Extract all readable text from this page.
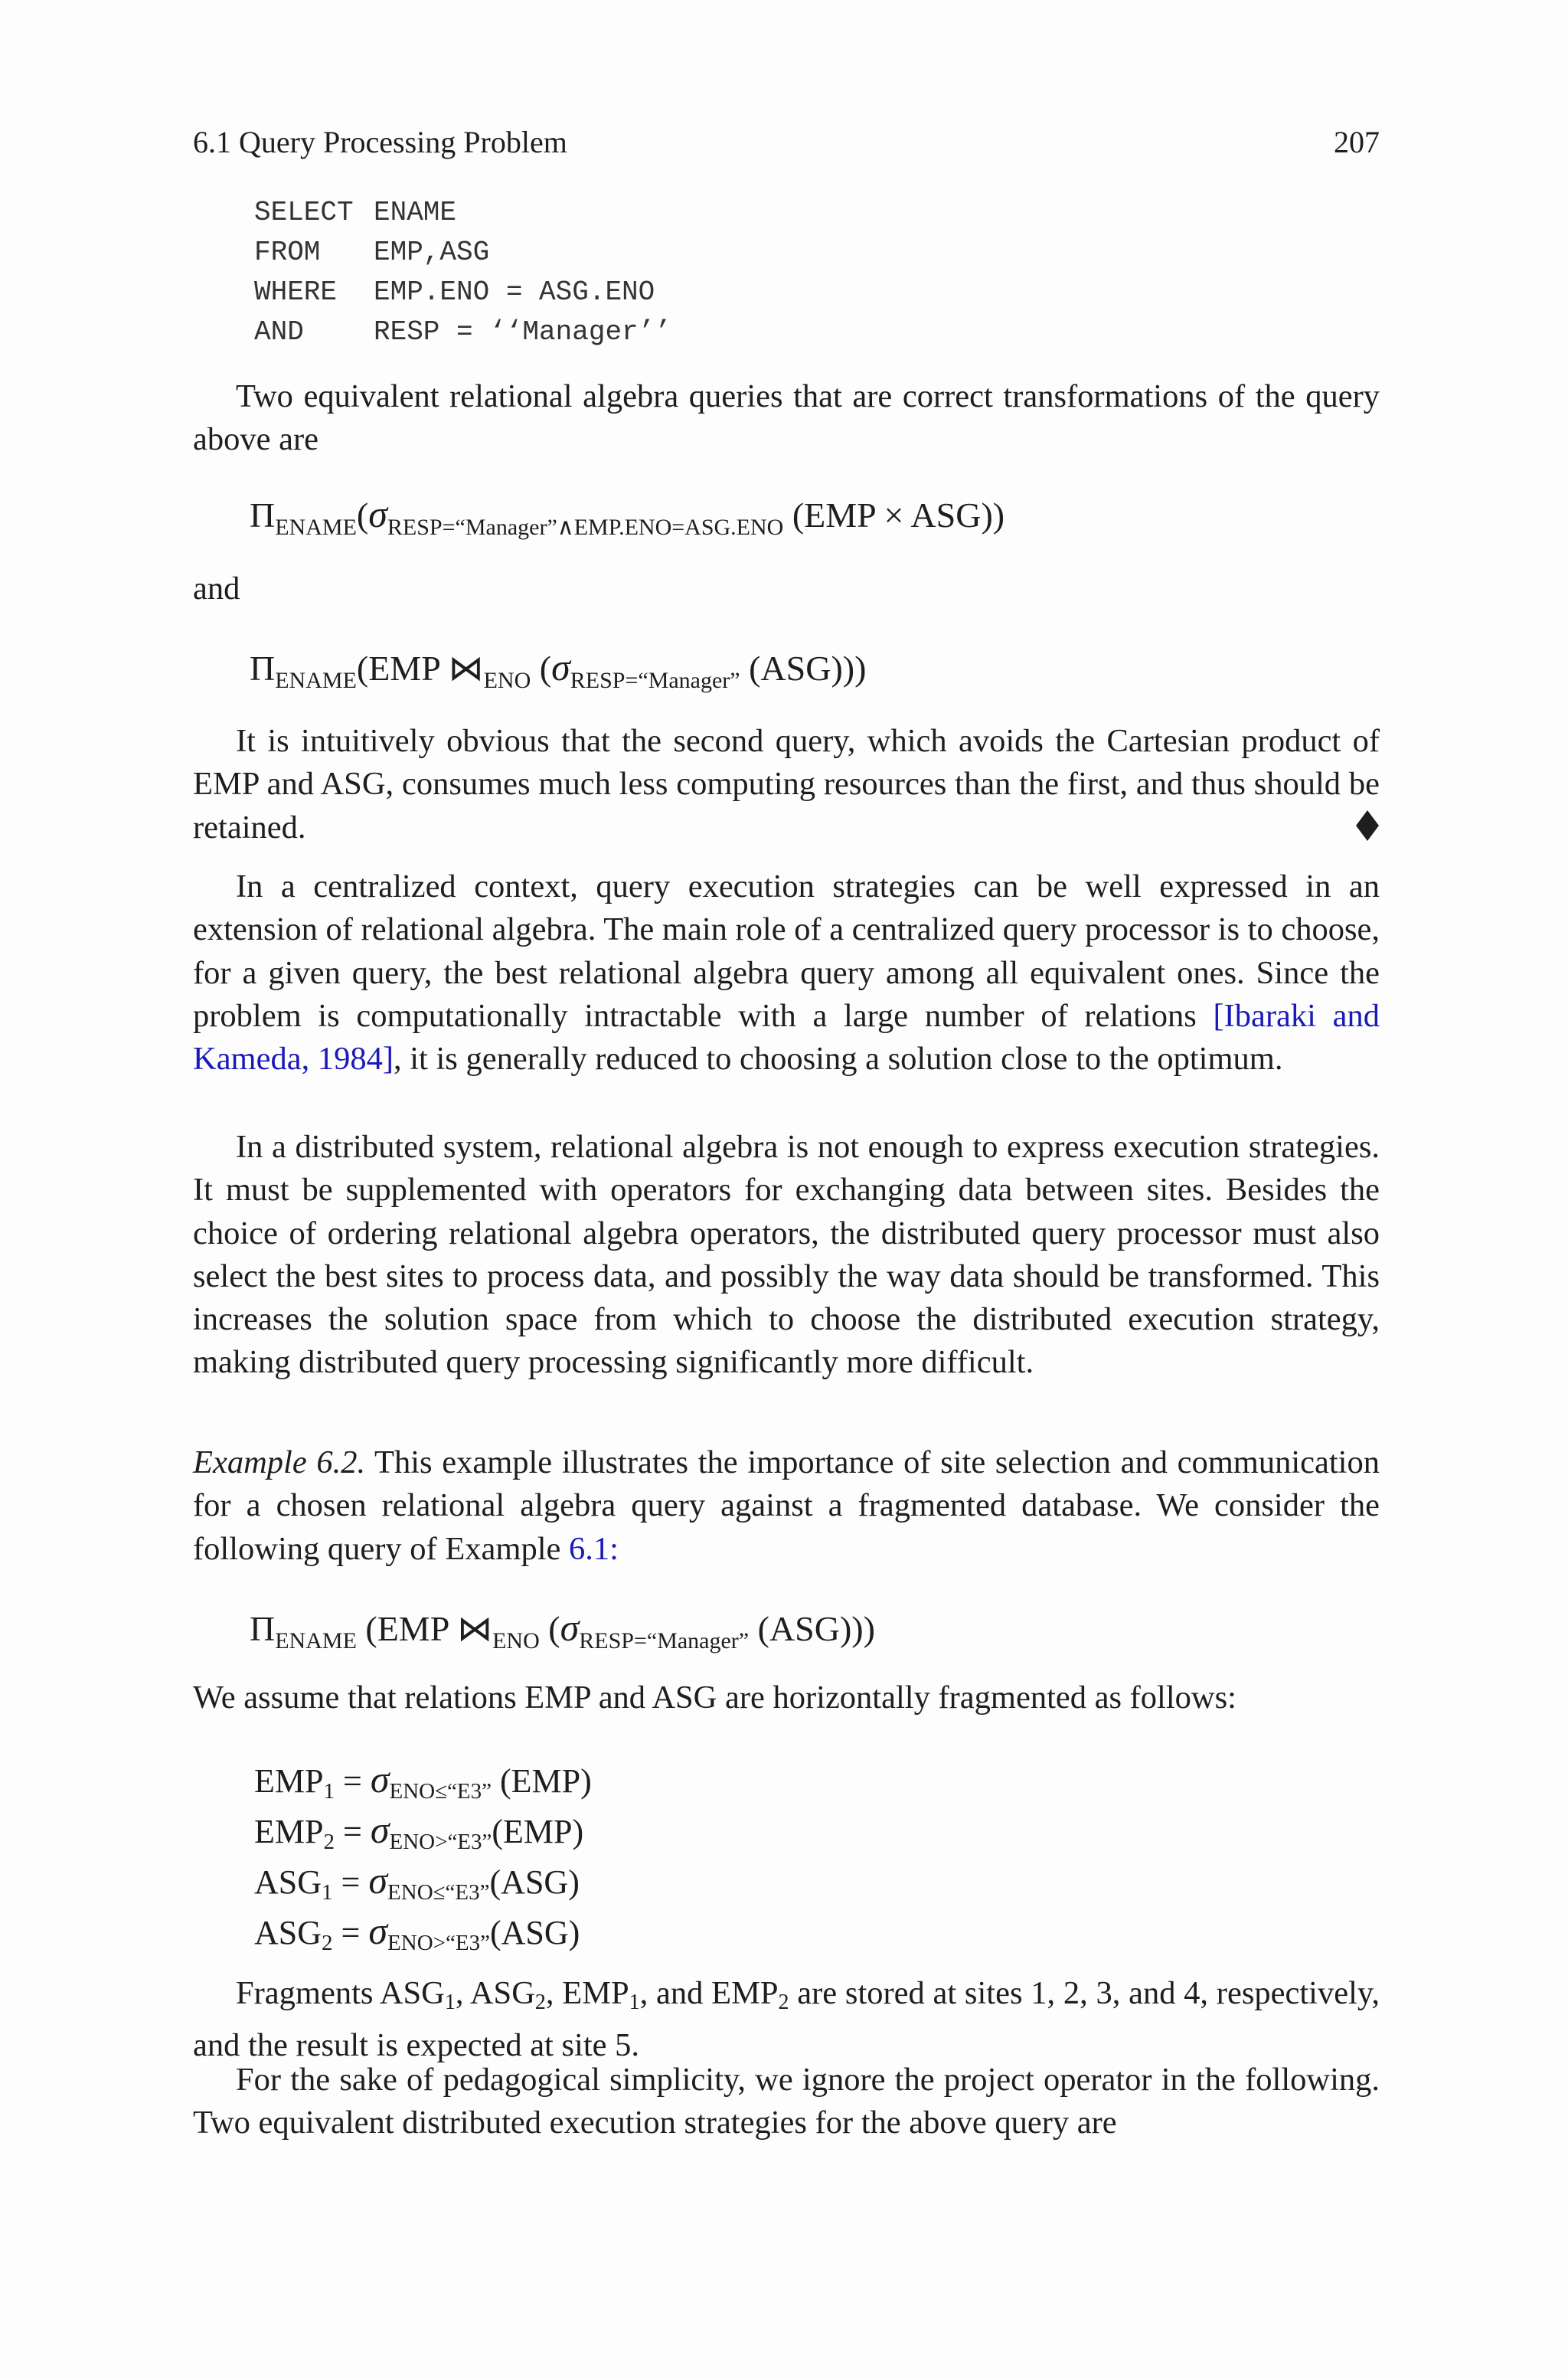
6.1 Query Processing Problem	207
SELECT ENAME
FROM EMP,ASG
WHERE EMP.ENO = ASG.ENO
AND	RESP = ‘‘Manager’’
Two equivalent relational algebra queries that are correct transformations of the query above are
$\Pi_{ENAME}(\sigma_{RESP=“Manager”\wedge EMP.ENO=ASG.ENO}$ (EMP × ASG))
and
$\Pi_{ENAME}(EMP$ $⋈_{ENO}$ ($\sigma_{RESP=“Manager”}$ (ASG)))
It is intuitively obvious that the second query, which avoids the Cartesian product of EMP and ASG, consumes much less computing resources than the first, and thus should be retained.
In a centralized context, query execution strategies can be well expressed in an extension of relational algebra. The main role of a centralized query processor is to choose, for a given query, the best relational algebra query among all equivalent ones. Since the problem is computationally intractable with a large number of relations [Ibaraki and Kameda, 1984], it is generally reduced to choosing a solution close to the optimum.
In a distributed system, relational algebra is not enough to express execution strategies. It must be supplemented with operators for exchanging data between sites. Besides the choice of ordering relational algebra operators, the distributed query processor must also select the best sites to process data, and possibly the way data should be transformed. This increases the solution space from which to choose the distributed execution strategy, making distributed query processing significantly more difficult.
Example 6.2. This example illustrates the importance of site selection and communication for a chosen relational algebra query against a fragmented database. We consider the following query of Example 6.1:
$\Pi_{ENAME}$ (EMP $⋈_{ENO}$ ($\sigma_{RESP=“Manager”}$ (ASG)))
We assume that relations EMP and ASG are horizontally fragmented as follows:
$EMP_1 = \sigma_{ENO\le“E3”}$ (EMP)
$EMP_2 = \sigma_{ENO>“E3”}(EMP)$
$ASG_1 = \sigma_{ENO\le“E3”}(ASG)$
$ASG_2 = \sigma_{ENO>“E3”}(ASG)$
Fragments $ASG_1$, $ASG_2$, $EMP_1$, and $EMP_2$ are stored at sites 1, 2, 3, and 4, respectively, and the result is expected at site 5.
For the sake of pedagogical simplicity, we ignore the project operator in the following. Two equivalent distributed execution strategies for the above query are
